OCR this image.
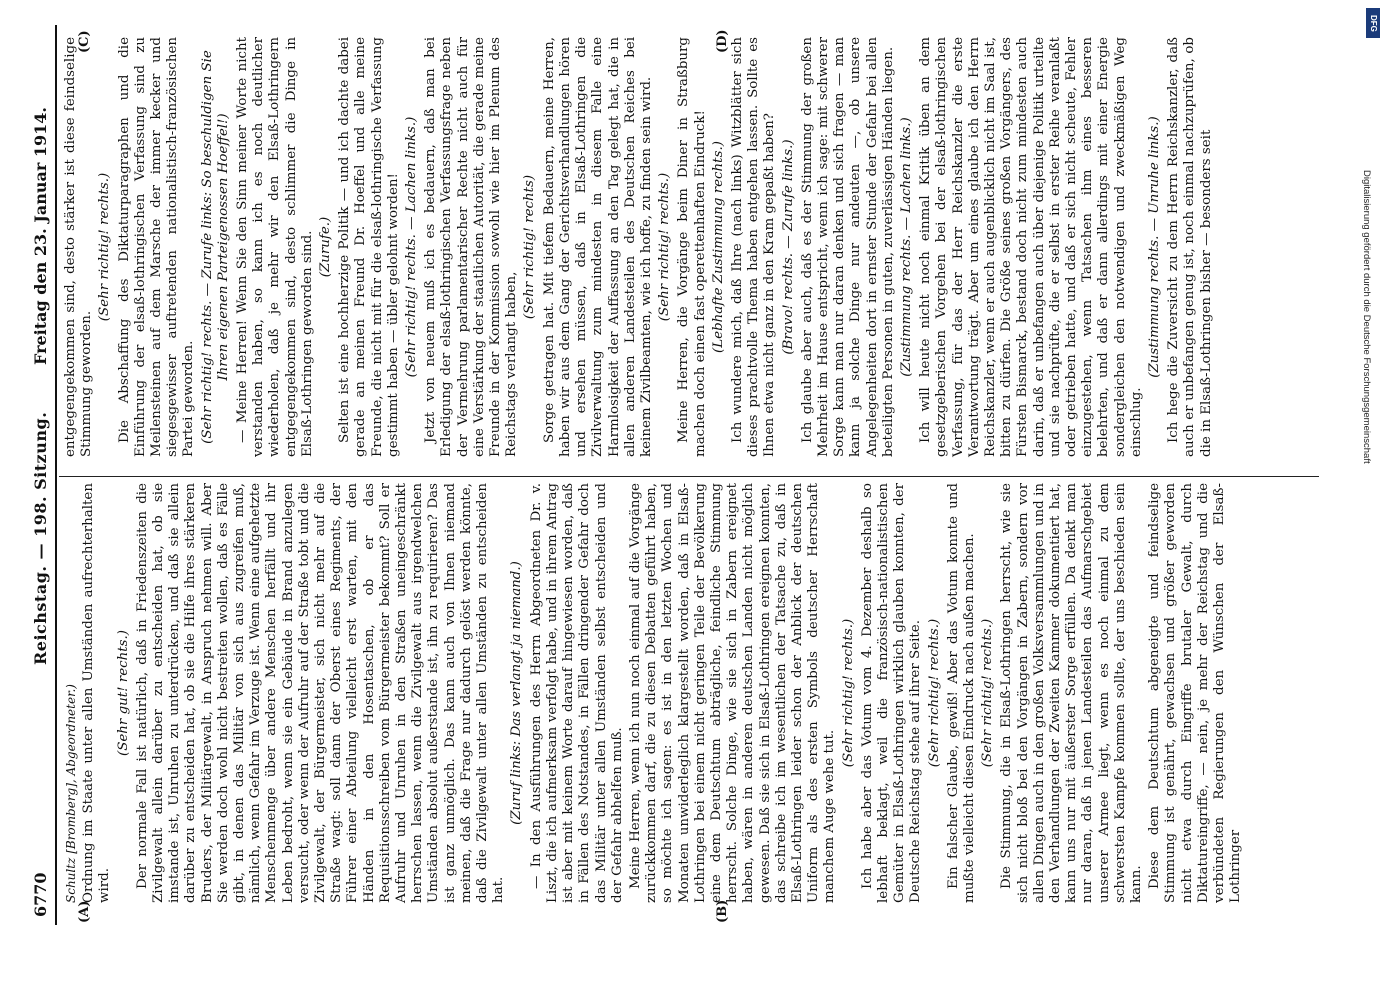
6770
Reichstag. — 198. Sitzung.
Freitag den 23. Januar 1914.
(A)	(B)
(C)	(D)

Schultz [Bromberg], Abgeordneter.) Ordnung im Staate unter allen Umständen aufrechterhalten wird.

(Sehr gut! rechts.) Der normale Fall ist natürlich, daß in Friedenszeiten die Zivilgewalt allein darüber zu entscheiden hat, ob sie imstande ist, Unruhen zu unterdrücken, und daß sie allein darüber zu entscheiden hat, ob sie die Hilfe ihres stärkeren Bruders, der Militärgewalt, in Anspruch nehmen will. Aber Sie werden doch wohl nicht bestreiten wollen, daß es Fälle gibt, in denen das Militär von sich aus zugreifen muß, nämlich, wenn Gefahr im Verzuge ist. Wenn eine aufgehetzte Menschenmenge über andere Menschen herfällt und ihr Leben bedroht, wenn sie ein Gebäude in Brand anzulegen versucht, oder wenn der Aufruhr auf der Straße tobt und die Zivilgewalt, der Bürgermeister, sich nicht mehr auf die Straße wagt: soll dann der Oberst eines Regiments, der Führer einer Abteilung vielleicht erst warten, mit den Händen in den Hosentaschen, ob er das Requisitionsschreiben vom Bürgermeister bekommt? Soll er Aufruhr und Unruhen in den Straßen uneingeschränkt herrschen lassen, wenn die Zivilgewalt aus irgendwelchen Umständen absolut außerstande ist, ihn zu requirieren? Das ist ganz unmöglich. Das kann auch von Ihnen niemand meinen, daß die Frage nur dadurch gelöst werden könnte, daß die Zivilgewalt unter allen Umständen zu entscheiden hat.

(Zuruf links: Das verlangt ja niemand.) — In den Ausführungen des Herrn Abgeordneten Dr. v. Liszt, die ich aufmerksam verfolgt habe, und in ihrem Antrag ist aber mit keinem Worte darauf hingewiesen worden, daß in Fällen des Notstandes, in Fällen dringender Gefahr doch das Militär unter allen Umständen selbst entscheiden und der Gefahr abhelfen muß. Meine Herren, wenn ich nun noch einmal auf die Vorgänge zurückkommen darf, die zu diesen Debatten geführt haben, so möchte ich sagen: es ist in den letzten Wochen und Monaten unwiderleglich klargestellt worden, daß in Elsaß-Lothringen bei einem nicht geringen Teile der Bevölkerung eine dem Deutschtum abträgliche, feindliche Stimmung herrscht. Solche Dinge, wie sie sich in Zabern ereignet haben, wären in anderen deutschen Landen nicht möglich gewesen. Daß sie sich in Elsaß-Lothringen ereignen konnten, das schreibe ich im wesentlichen der Tatsache zu, daß in Elsaß-Lothringen leider schon der Anblick der deutschen Uniform als des ersten Symbols deutscher Herrschaft manchem Auge wehe tut.

(Sehr richtig! rechts.) Ich habe aber das Votum vom 4. Dezember deshalb so lebhaft beklagt, weil die französisch-nationalistischen Gemüter in Elsaß-Lothringen wirklich glauben konnten, der Deutsche Reichstag stehe auf ihrer Seite. (Sehr richtig! rechts.) Ein falscher Glaube, gewiß! Aber das Votum konnte und mußte vielleicht diesen Eindruck nach außen machen. (Sehr richtig! rechts.) Die Stimmung, die in Elsaß-Lothringen herrscht, wie sie sich nicht bloß bei den Vorgängen in Zabern, sondern vor allen Dingen auch in den großen Volksversammlungen und in den Verhandlungen der Zweiten Kammer dokumentiert hat, kann uns nur mit äußerster Sorge erfüllen. Da denkt man nur daran, daß in jenen Landesteilen das Aufmarschgebiet unserer Armee liegt, wenn es noch einmal zu dem schwersten Kampfe kommen sollte, der uns beschieden sein kann. Diese dem Deutschtum abgeneigte und feindselige Stimmung ist genährt, gewachsen und größer geworden nicht etwa durch Eingriffe brutaler Gewalt, durch Diktatureingriffe, — nein, je mehr der Reichstag und die verbündeten Regierungen den Wünschen der Elsaß-Lothringer

entgegengekommen sind, desto stärker ist diese feindselige Stimmung geworden.

(Sehr richtig! rechts.) Die Abschaffung des Diktaturparagraphen und die Einführung der elsaß-lothringischen Verfassung sind zu Meilensteinen auf dem Marsche der immer kecker und siegesgewisser auftretenden nationalistisch-französischen Partei geworden. (Sehr richtig! rechts. — Zurufe links: So beschuldigen Sie Ihren eigenen Parteigenossen Hoeffel!) — Meine Herren! Wenn Sie den Sinn meiner Worte nicht verstanden haben, so kann ich es noch deutlicher wiederholen, daß je mehr wir den Elsaß-Lothringern entgegengekommen sind, desto schlimmer die Dinge in Elsaß-Lothringen geworden sind. (Zurufe.) Selten ist eine hochherzige Politik — und ich dachte dabei gerade an meinen Freund Dr. Hoeffel und alle meine Freunde, die nicht mit für die elsaß-lothringische Verfassung gestimmt haben — übler gelohnt worden! (Sehr richtig! rechts. — Lachen links.) Jetzt von neuem muß ich es bedauern, daß man bei Erledigung der elsaß-lothringischen Verfassungsfrage neben der Vermehrung parlamentarischer Rechte nicht auch für eine Verstärkung der staatlichen Autorität, die gerade meine Freunde in der Kommission sowohl wie hier im Plenum des Reichstags verlangt haben,

(Sehr richtig! rechts) Sorge getragen hat. Mit tiefem Bedauern, meine Herren, haben wir aus dem Gang der Gerichtsverhandlungen hören und ersehen müssen, daß in Elsaß-Lothringen die Zivilverwaltung zum mindesten in diesem Falle eine Harmlosigkeit der Auffassung an den Tag gelegt hat, die in allen anderen Landesteilen des Deutschen Reiches bei keinem Zivilbeamten, wie ich hoffe, zu finden sein wird. (Sehr richtig! rechts.) Meine Herren, die Vorgänge beim Diner in Straßburg machen doch einen fast operettenhaften Eindruck! (Lebhafte Zustimmung rechts.) Ich wundere mich, daß Ihre (nach links) Witzblätter sich dieses prachtvolle Thema haben entgehen lassen. Sollte es Ihnen etwa nicht ganz in den Kram gepaßt haben? (Bravo! rechts. — Zurufe links.) Ich glaube aber auch, daß es der Stimmung der großen Mehrheit im Hause entspricht, wenn ich sage: mit schwerer Sorge kann man nur daran denken und sich fragen — man kann ja solche Dinge nur andeuten —, ob unsere Angelegenheiten dort in ernster Stunde der Gefahr bei allen beteiligten Personen in guten, zuverlässigen Händen liegen. (Zustimmung rechts. — Lachen links.) Ich will heute nicht noch einmal Kritik üben an dem gesetzgeberischen Vorgehen bei der elsaß-lothringischen Verfassung, für das der Herr Reichskanzler die erste Verantwortung trägt. Aber um eines glaube ich den Herrn Reichskanzler, wenn er auch augenblicklich nicht im Saal ist, bitten zu dürfen. Die Größe seines großen Vorgängers, des Fürsten Bismarck, bestand doch nicht zum mindesten auch darin, daß er unbefangen auch über diejenige Politik urteilte und sie nachprüfte, die er selbst in erster Reihe veranlaßt oder getrieben hatte, und daß er sich nicht scheute, Fehler einzugestehen, wenn Tatsachen ihm eines besseren belehrten, und daß er dann allerdings mit einer Energie sondergleichen den notwendigen und zweckmäßigen Weg einschlug.

(Zustimmung rechts. — Unruhe links.) Ich hege die Zuversicht zu dem Herrn Reichskanzler, daß auch er unbefangen genug ist, noch einmal nachzuprüfen, ob die in Elsaß-Lothringen bisher — besonders seit

DFG
Digitalisierung gefördert durch die Deutsche Forschungsgemeinschaft
